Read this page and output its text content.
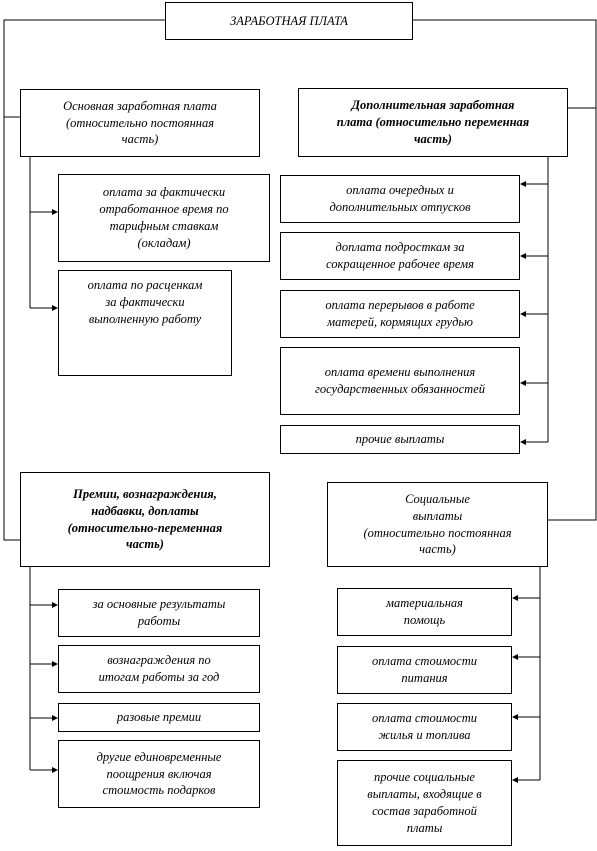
ЗАРАБОТНАЯ ПЛАТА
Основная заработная плата
(относительно постоянная
часть)
оплата за фактически
отработанное время по
тарифным ставкам
(окладам)
оплата по расценкам
за фактически
выполненную работу
Дополнительная заработная
плата (относительно переменная
часть)
оплата очередных и
дополнительных отпусков
доплата подросткам за
сокращенное рабочее время
оплата перерывов в работе
матерей, кормящих грудью
оплата времени выполнения
государственных обязанностей
прочие выплаты
Премии, вознаграждения,
надбавки, доплаты
(относительно-переменная
часть)
за основные результаты
работы
вознаграждения по
итогам работы за год
разовые премии
другие единовременные
поощрения включая
стоимость подарков
Социальные
выплаты
(относительно постоянная
часть)
материальная
помощь
оплата стоимости
питания
оплата стоимости
жилья и топлива
прочие социальные
выплаты, входящие в
состав заработной
платы
